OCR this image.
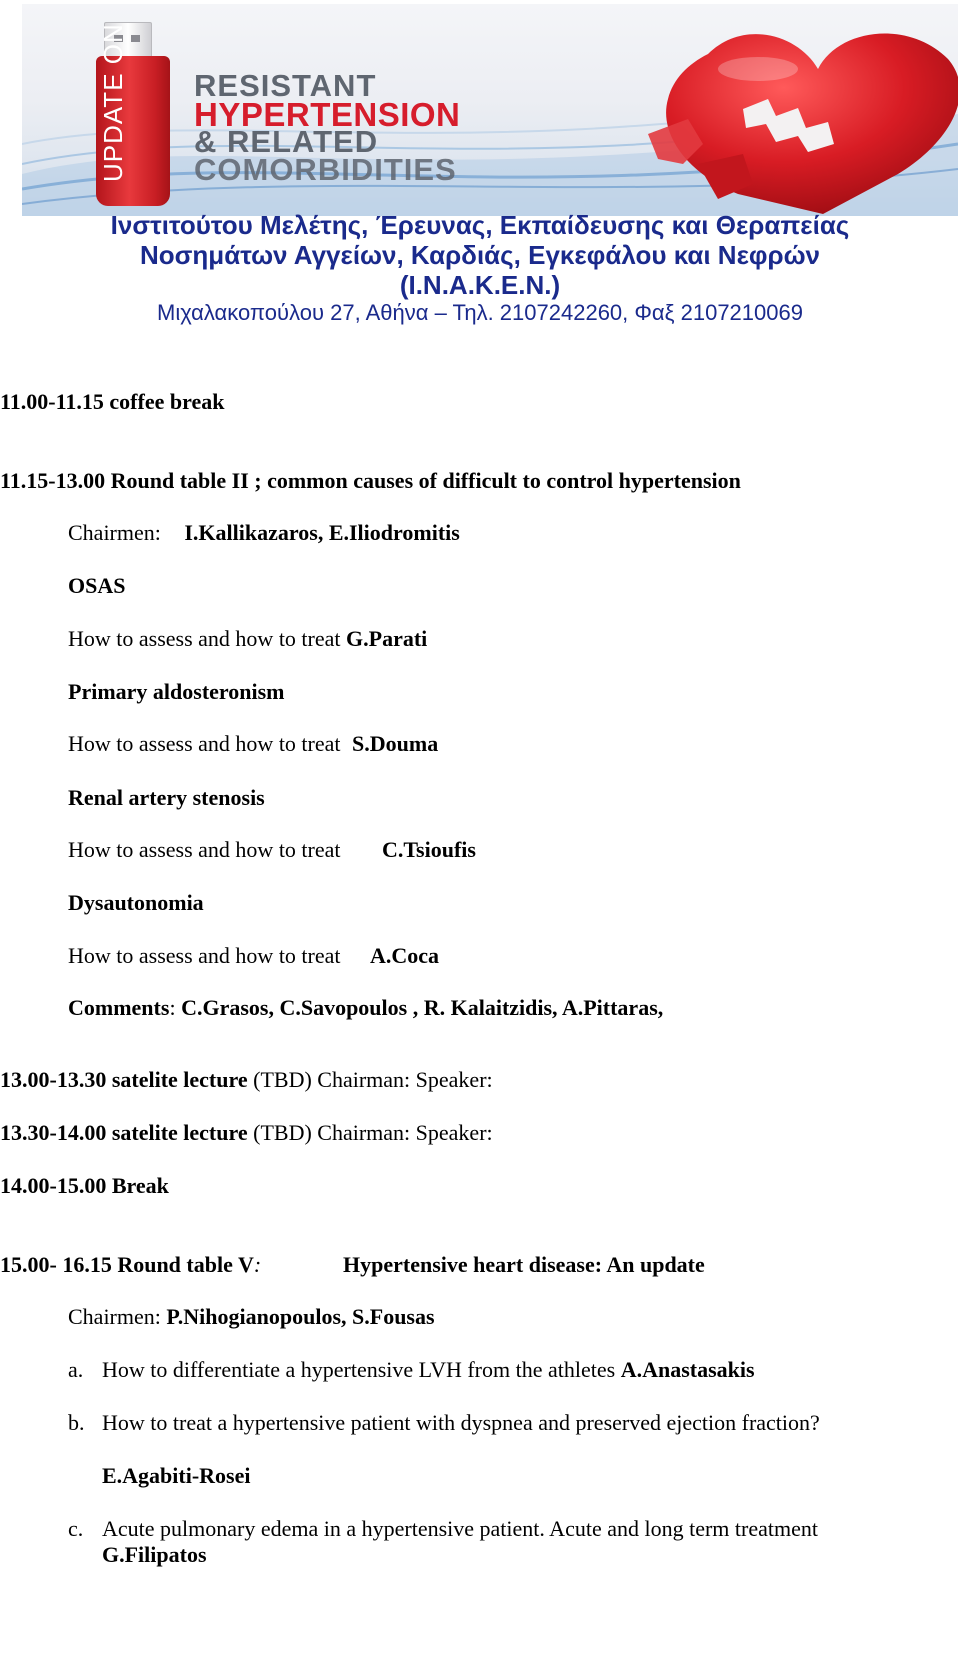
RESISTANT
HYPERTENSION
& RELATED
COMORBIDITIES
Ινστιτούτου Μελέτης, Έρευνας, Εκπαίδευσης και Θεραπείας
Νοσημάτων Αγγείων, Καρδιάς, Εγκεφάλου και Νεφρών
(I.N.A.K.E.N.)
Μιχαλακοπούλου 27, Αθήνα – Τηλ. 2107242260, Φαξ 2107210069
11.00-11.15 coffee break
11.15-13.00 Round table II ; common causes of difficult to control hypertension
Chairmen: I.Kallikazaros, E.Iliodromitis
OSAS
How to assess and how to treat G.Parati
Primary aldosteronism
How to assess and how to treat S.Douma
Renal artery stenosis
How to assess and how to treat C.Tsioufis
Dysautonomia
How to assess and how to treat A.Coca
Comments: C.Grasos, C.Savopoulos , R. Kalaitzidis, A.Pittaras,
13.00-13.30 satelite lecture (TBD) Chairman: Speaker:
13.30-14.00 satelite lecture (TBD) Chairman: Speaker:
14.00-15.00 Break
15.00- 16.15 Round table V:	Hypertensive heart disease: An update
Chairmen: P.Nihogianopoulos, S.Fousas
a. How to differentiate a hypertensive LVH from the athletes A.Anastasakis
b. How to treat a hypertensive patient with dyspnea and preserved ejection fraction?
E.Agabiti-Rosei
c. Acute pulmonary edema in a hypertensive patient. Acute and long term treatment
G.Filipatos
